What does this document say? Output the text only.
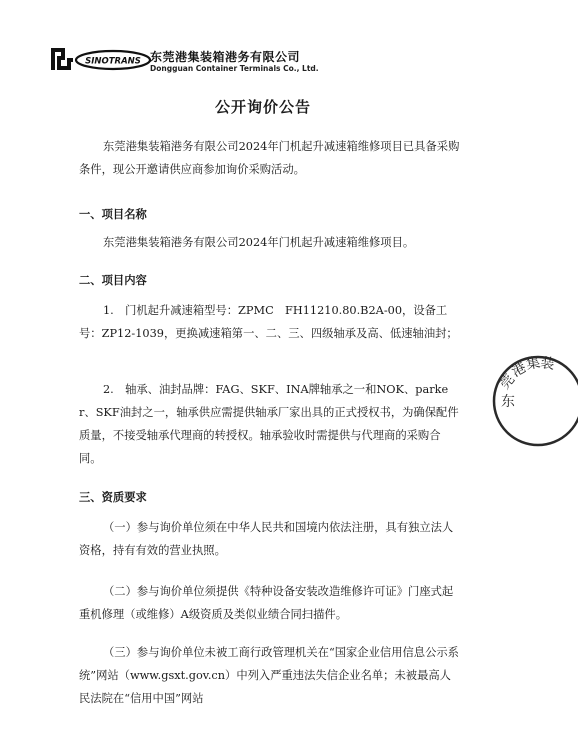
SINOTRANS 东莞港集装箱港务有限公司
Dongguan Container Terminals Co., Ltd.
公开询价公告
东莞港集装箱港务有限公司2024年门机起升减速箱维修项目已具备采购条件，现公开邀请供应商参加询价采购活动。
一、项目名称
东莞港集装箱港务有限公司2024年门机起升减速箱维修项目。
二、项目内容
1.　门机起升减速箱型号：ZPMC　FH11210.80.B2A-00，设备工号：ZP12-1039，更换减速箱第一、二、三、四级轴承及高、低速轴油封；
2.　轴承、油封品牌：FAG、SKF、INA牌轴承之一和NOK、parker、SKF油封之一，轴承供应需提供轴承厂家出具的正式授权书，为确保配件质量，不接受轴承代理商的转授权。轴承验收时需提供与代理商的采购合同。
三、资质要求
（一）参与询价单位须在中华人民共和国境内依法注册，具有独立法人资格，持有有效的营业执照。
（二）参与询价单位须提供《特种设备安装改造维修许可证》门座式起重机修理（或维修）A级资质及类似业绩合同扫描件。
（三）参与询价单位未被工商行政管理机关在“国家企业信用信息公示系统”网站（www.gsxt.gov.cn）中列入严重违法失信企业名单；未被最高人民法院在“信用中国”网站
东
莞
港
集
装
